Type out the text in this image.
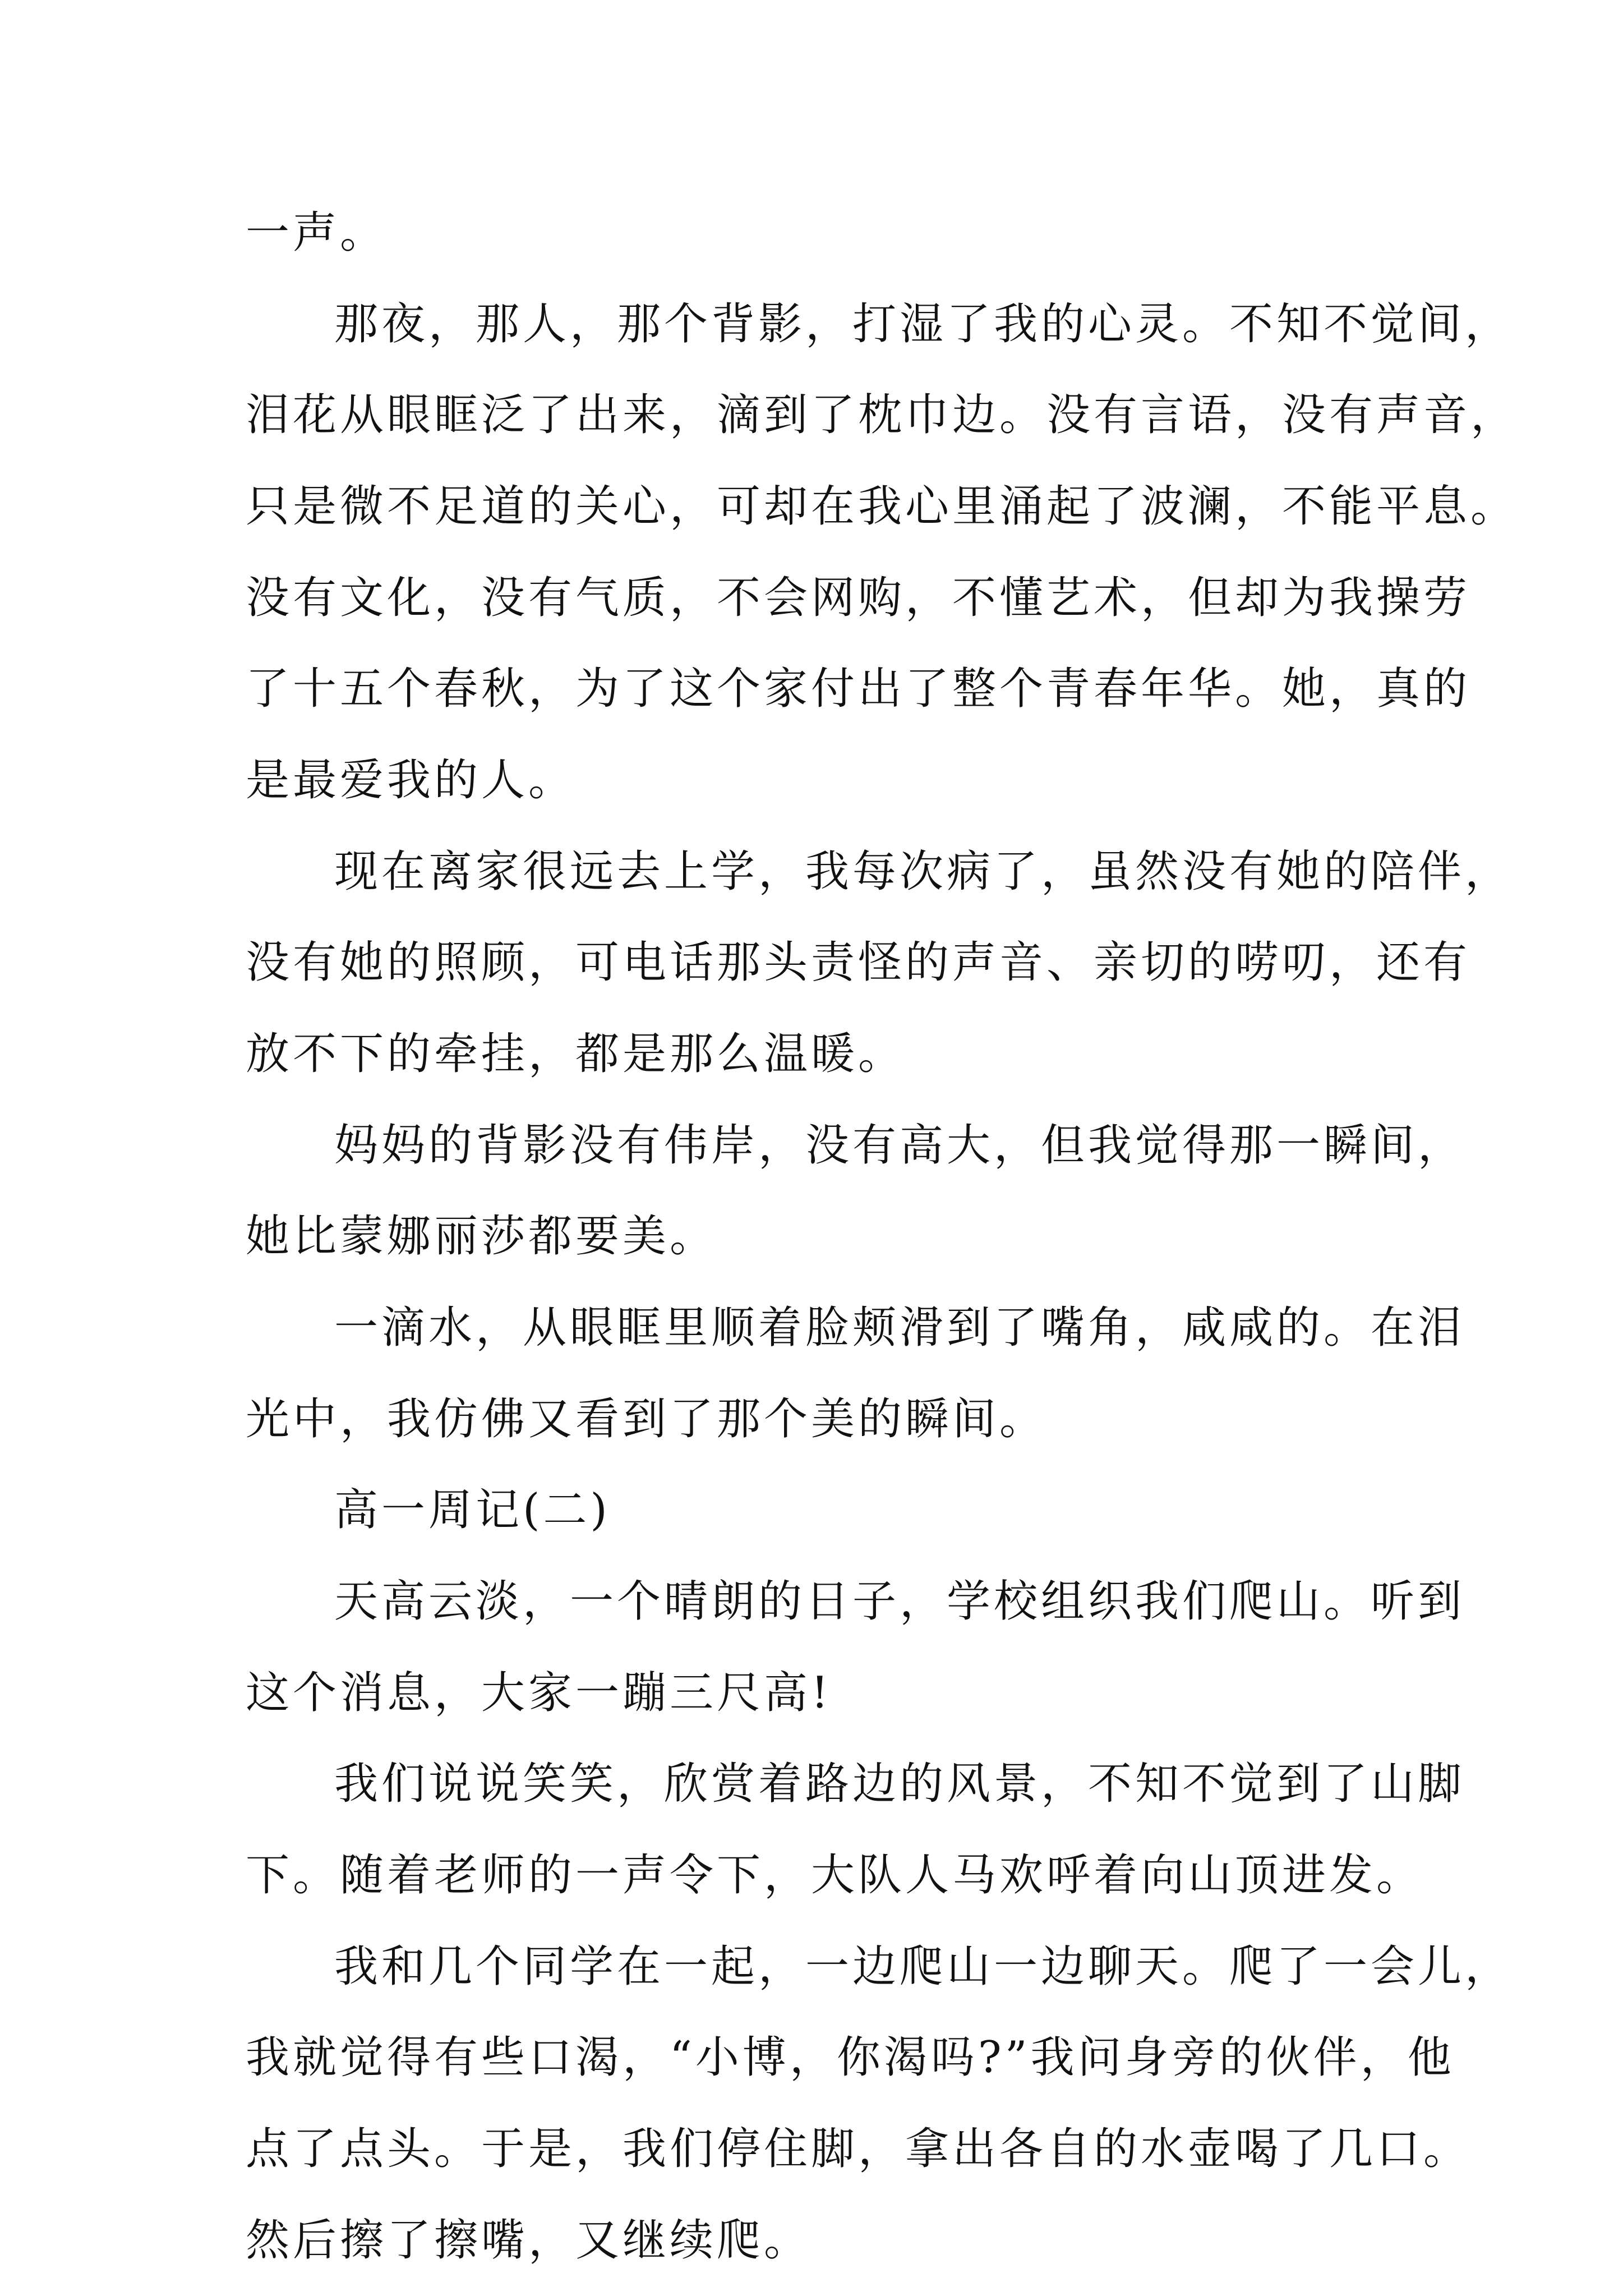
一声。
那夜，那人，那个背影，打湿了我的心灵。不知不觉间，
泪花从眼眶泛了出来，滴到了枕巾边。没有言语，没有声音，
只是微不足道的关心，可却在我心里涌起了波澜，不能平息。
没有文化，没有气质，不会网购，不懂艺术，但却为我操劳
了十五个春秋，为了这个家付出了整个青春年华。她，真的
是最爱我的人。
现在离家很远去上学，我每次病了，虽然没有她的陪伴，
没有她的照顾，可电话那头责怪的声音、亲切的唠叨，还有
放不下的牵挂，都是那么温暖。
妈妈的背影没有伟岸，没有高大，但我觉得那一瞬间，
她比蒙娜丽莎都要美。
一滴水，从眼眶里顺着脸颊滑到了嘴角，咸咸的。在泪
光中，我仿佛又看到了那个美的瞬间。
高一周记(二)
天高云淡，一个晴朗的日子，学校组织我们爬山。听到
这个消息，大家一蹦三尺高!
我们说说笑笑，欣赏着路边的风景，不知不觉到了山脚
下。随着老师的一声令下，大队人马欢呼着向山顶进发。
我和几个同学在一起，一边爬山一边聊天。爬了一会儿，
我就觉得有些口渴，“小博，你渴吗?”我问身旁的伙伴，他
点了点头。于是，我们停住脚，拿出各自的水壶喝了几口。
然后擦了擦嘴，又继续爬。
